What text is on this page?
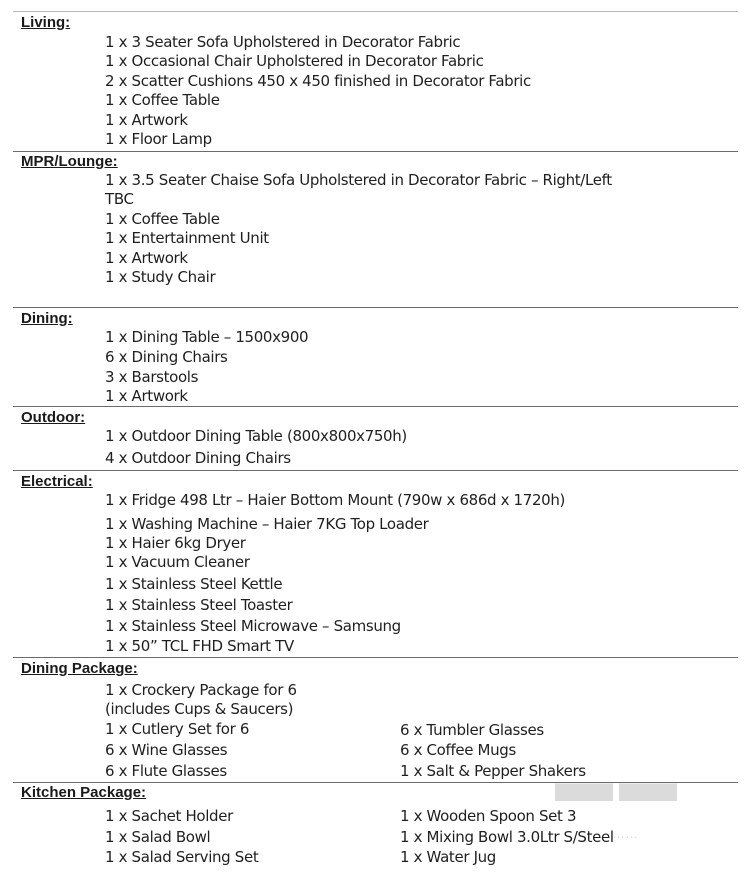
Living:
1 x 3 Seater Sofa Upholstered in Decorator Fabric
1 x Occasional Chair Upholstered in Decorator Fabric
2 x Scatter Cushions 450 x 450 finished in Decorator Fabric
1 x Coffee Table
1 x Artwork
1 x Floor Lamp
MPR/Lounge:
1 x 3.5 Seater Chaise Sofa Upholstered in Decorator Fabric – Right/Left
TBC
1 x Coffee Table
1 x Entertainment Unit
1 x Artwork
1 x Study Chair
Dining:
1 x Dining Table – 1500x900
6 x Dining Chairs
3 x Barstools
1 x Artwork
Outdoor:
1 x Outdoor Dining Table (800x800x750h)
4 x Outdoor Dining Chairs
Electrical:
1 x Fridge 498 Ltr – Haier Bottom Mount (790w x 686d x 1720h)
1 x Washing Machine – Haier 7KG Top Loader
1 x Haier 6kg Dryer
1 x Vacuum Cleaner
1 x Stainless Steel Kettle
1 x Stainless Steel Toaster
1 x Stainless Steel Microwave – Samsung
1 x 50” TCL FHD Smart TV
Dining Package:
1 x Crockery Package for 6
(includes Cups & Saucers)
1 x Cutlery Set for 6
6 x Wine Glasses
6 x Flute Glasses
6 x Tumbler Glasses
6 x Coffee Mugs
1 x Salt & Pepper Shakers
Kitchen Package:
1 x Sachet Holder
1 x Salad Bowl
1 x Salad Serving Set
1 x Wooden Spoon Set 3
1 x Mixing Bowl 3.0Ltr S/Steel
1 x Water Jug
▬▬
……
